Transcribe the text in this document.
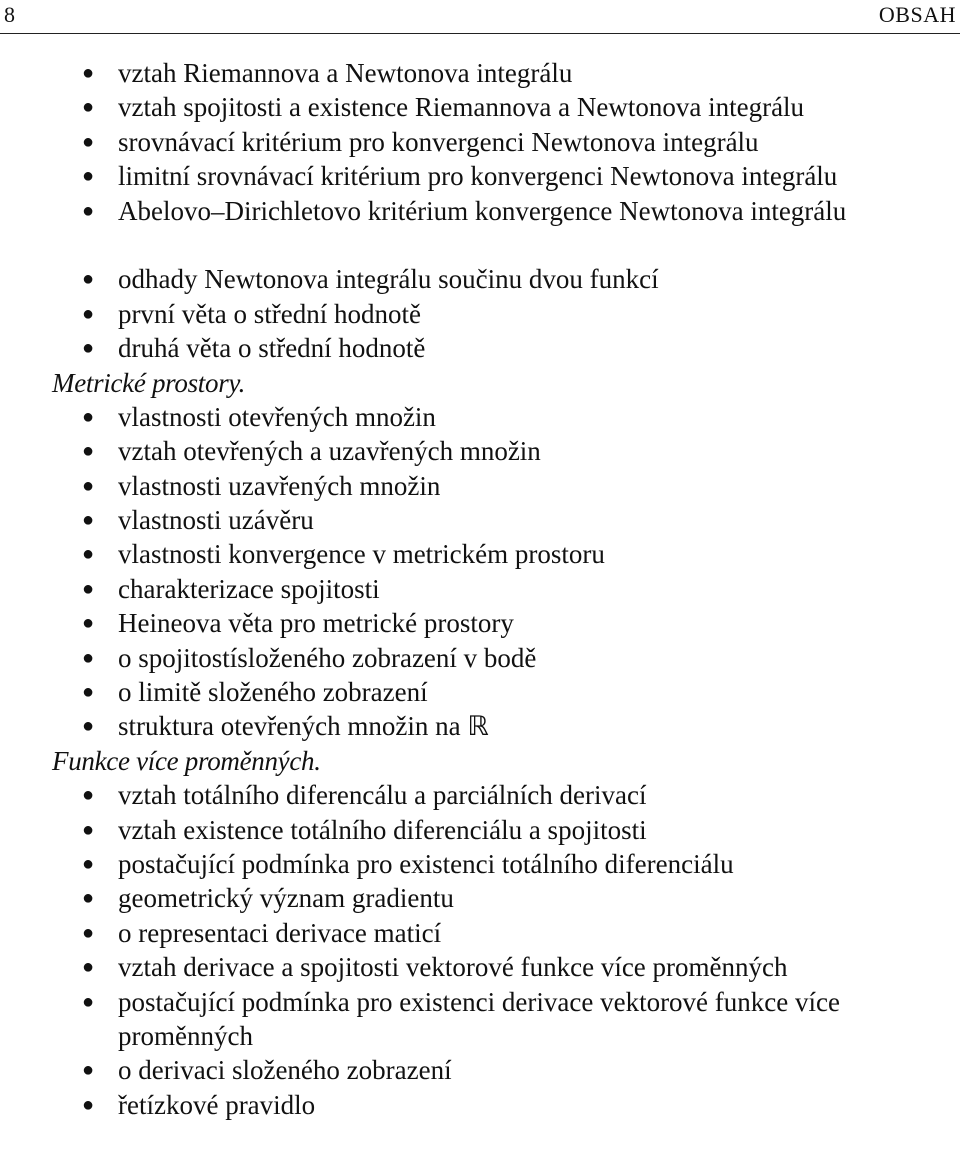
8	OBSAH
● vztah Riemannova a Newtonova integrálu
● vztah spojitosti a existence Riemannova a Newtonova integrálu
● srovnávací kritérium pro konvergenci Newtonova integrálu
● limitní srovnávací kritérium pro konvergenci Newtonova integrálu
● Abelovo–Dirichletovo kritérium konvergence Newtonova integrálu
● odhady Newtonova integrálu součinu dvou funkcí
● první věta o střední hodnotě
● druhá věta o střední hodnotě
Metrické prostory.
● vlastnosti otevřených množin
● vztah otevřených a uzavřených množin
● vlastnosti uzavřených množin
● vlastnosti uzávěru
● vlastnosti konvergence v metrickém prostoru
● charakterizace spojitosti
● Heineova věta pro metrické prostory
● o spojitostísloženého zobrazení v bodě
● o limitě složeného zobrazení
● struktura otevřených množin na ℝ
Funkce více proměnných.
● vztah totálního diferencálu a parciálních derivací
● vztah existence totálního diferenciálu a spojitosti
● postačující podmínka pro existenci totálního diferenciálu
● geometrický význam gradientu
● o representaci derivace maticí
● vztah derivace a spojitosti vektorové funkce více proměnných
● postačující podmínka pro existenci derivace vektorové funkce více proměnných
● o derivaci složeného zobrazení
● řetízkové pravidlo
